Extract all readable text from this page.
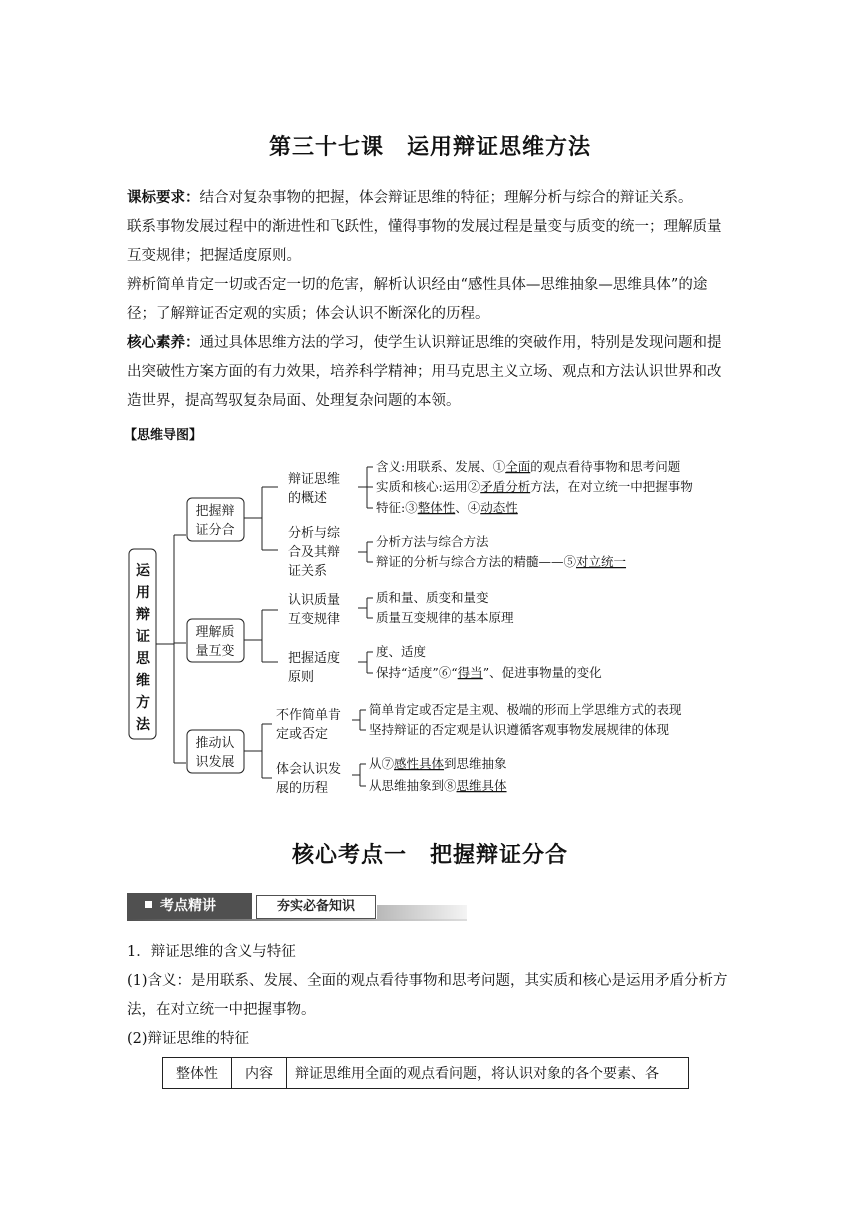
第三十七课　运用辩证思维方法

课标要求：结合对复杂事物的把握，体会辩证思维的特征；理解分析与综合的辩证关系。

联系事物发展过程中的渐进性和飞跃性，懂得事物的发展过程是量变与质变的统一；理解质量互变规律；把握适度原则。

辨析简单肯定一切或否定一切的危害，解析认识经由“感性具体—思维抽象—思维具体”的途径；了解辩证否定观的实质；体会认识不断深化的历程。

核心素养：通过具体思维方法的学习，使学生认识辩证思维的突破作用，特别是发现问题和提出突破性方案方面的有力效果，培养科学精神；用马克思主义立场、观点和方法认识世界和改造世界，提高驾驭复杂局面、处理复杂问题的本领。

【思维导图】
运
用
辩
证
思
维
方
法
把握辩
证分合
理解质
量互变
推动认
识发展
辩证思维
的概述
分析与综
合及其辩
证关系
认识质量
互变规律
把握适度
原则
不作简单肯
定或否定
体会认识发
展的历程
含义:用联系、发展、①全面的观点看待事物和思考问题
实质和核心:运用②矛盾分析方法，在对立统一中把握事物
特征:③整体性、④动态性
分析方法与综合方法
辩证的分析与综合方法的精髓——⑤对立统一
质和量、质变和量变
质量互变规律的基本原理
度、适度
保持“适度”⑥“得当”、促进事物量的变化
简单肯定或否定是主观、极端的形而上学思维方式的表现
坚持辩证的否定观是认识遵循客观事物发展规律的体现
从⑦感性具体到思维抽象
从思维抽象到⑧思维具体
核心考点一　把握辩证分合
考点精讲	夯实必备知识

1．辩证思维的含义与特征

(1)含义：是用联系、发展、全面的观点看待事物和思考问题，其实质和核心是运用矛盾分析方法，在对立统一中把握事物。

(2)辩证思维的特征

整体性	内容	辩证思维用全面的观点看问题，将认识对象的各个要素、各
